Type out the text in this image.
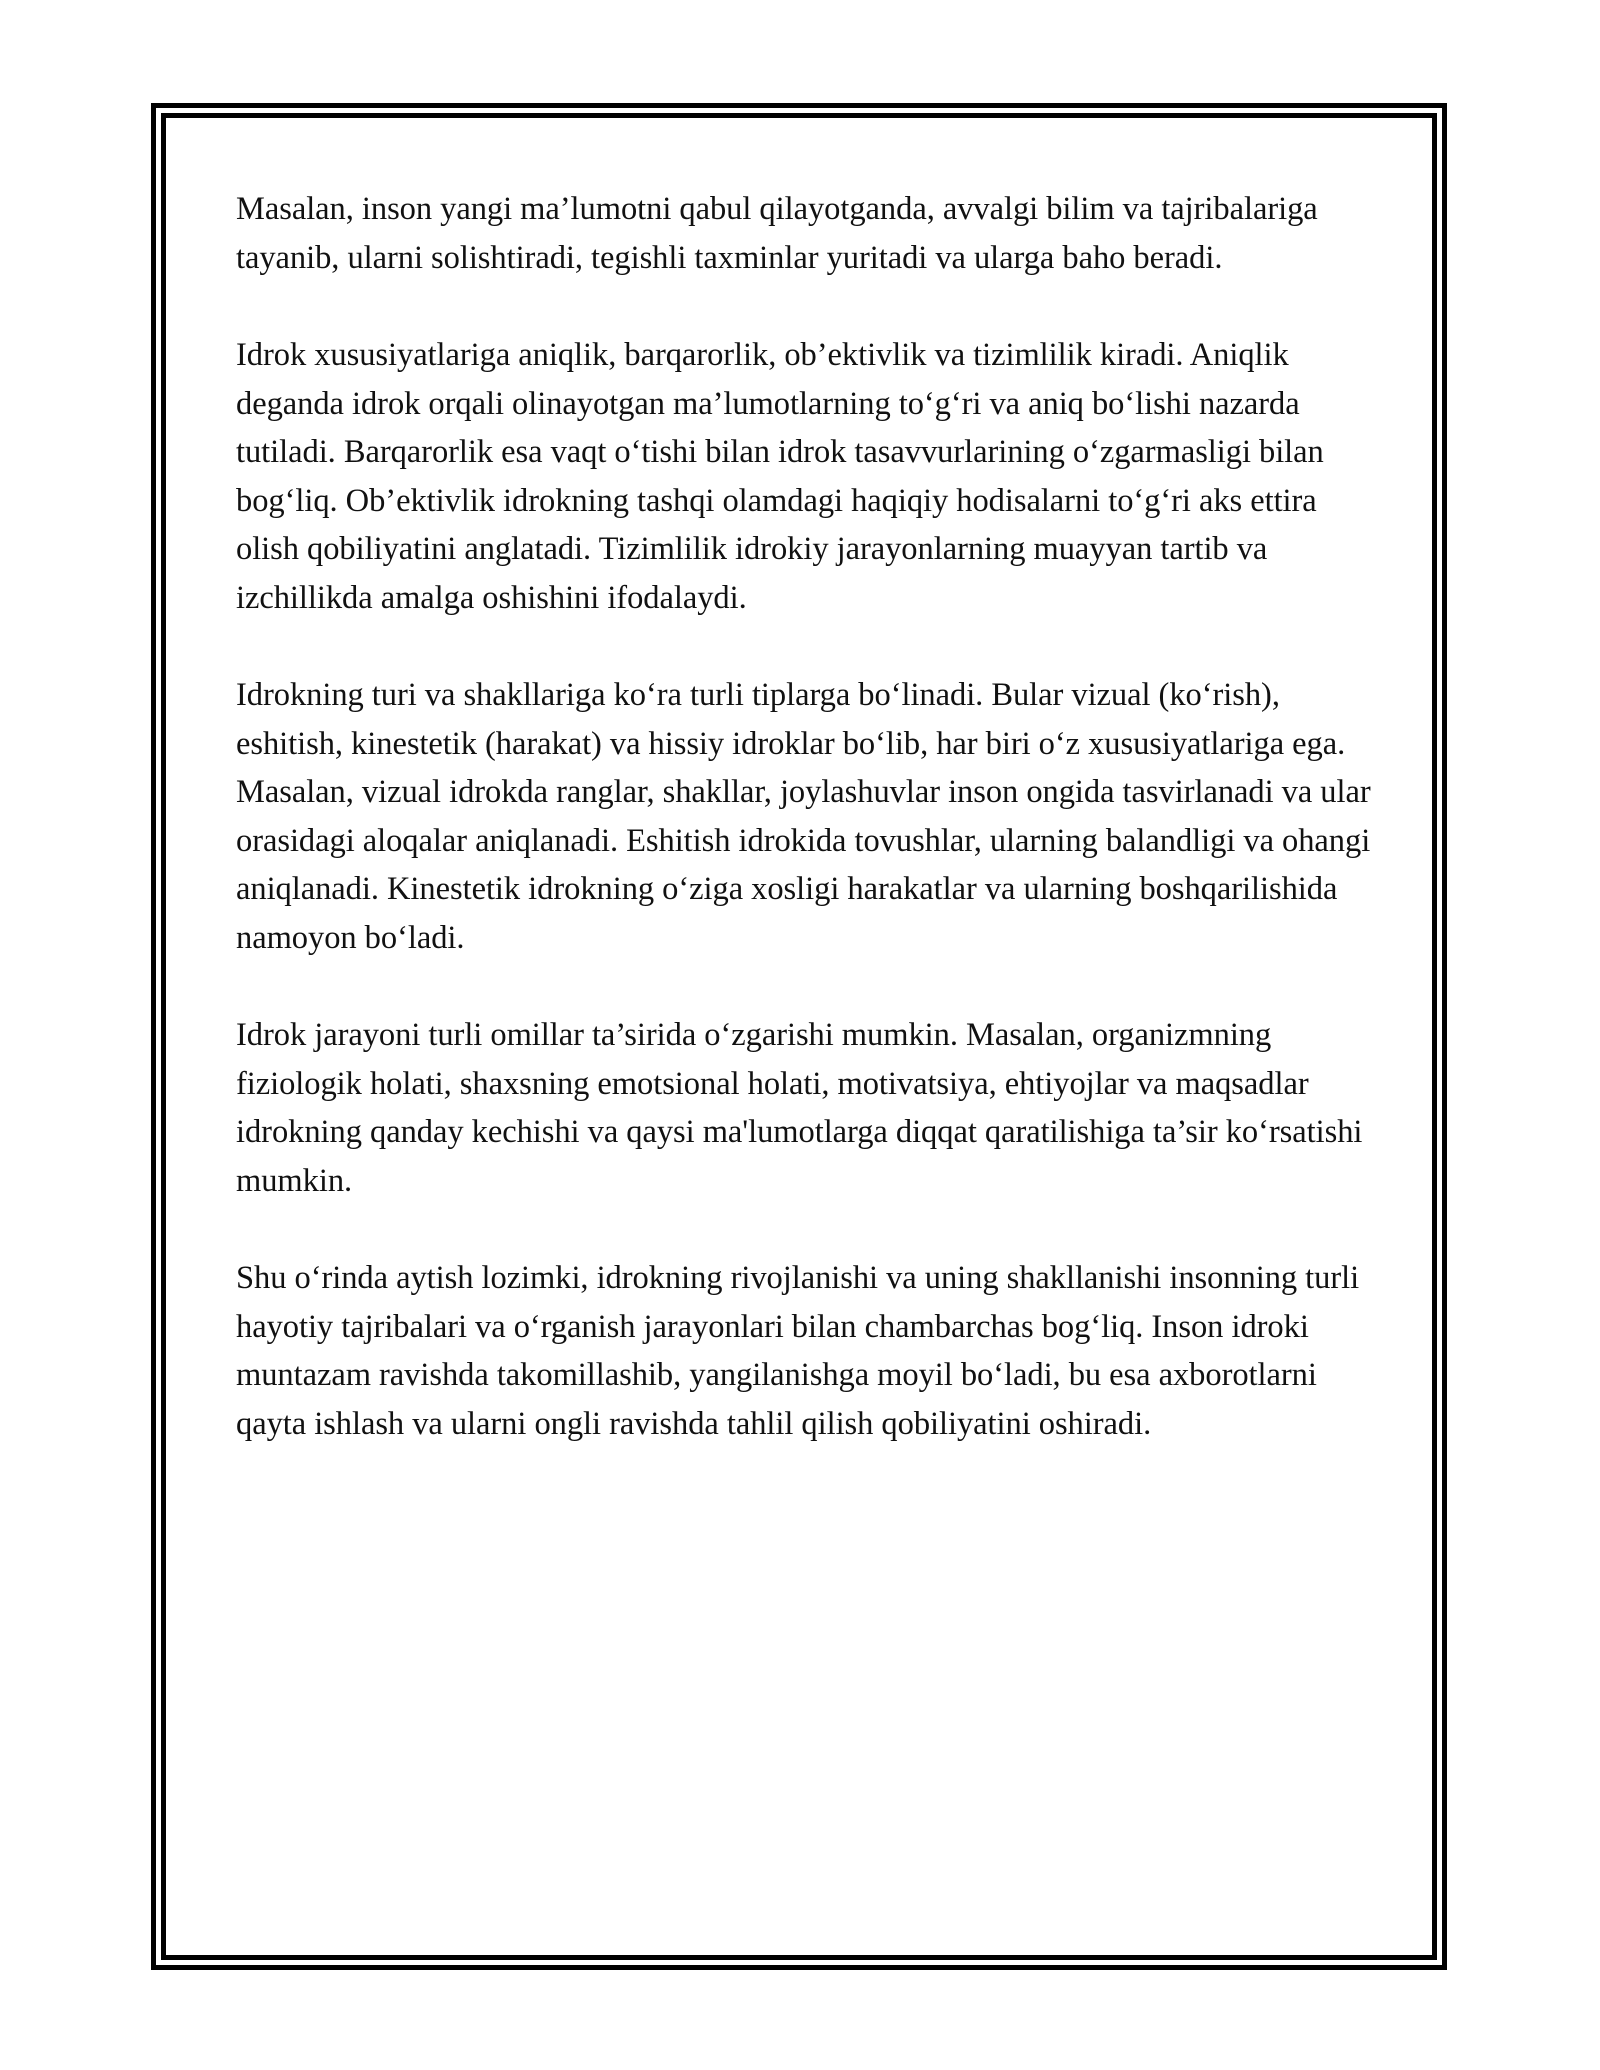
Masalan, inson yangi ma’lumotni qabul qilayotganda, avvalgi bilim va tajribalariga tayanib, ularni solishtiradi, tegishli taxminlar yuritadi va ularga baho beradi.

Idrok xususiyatlariga aniqlik, barqarorlik, ob’ektivlik va tizimlilik kiradi. Aniqlik deganda idrok orqali olinayotgan ma’lumotlarning to‘g‘ri va aniq bo‘lishi nazarda tutiladi. Barqarorlik esa vaqt o‘tishi bilan idrok tasavvurlarining o‘zgarmasligi bilan bog‘liq. Ob’ektivlik idrokning tashqi olamdagi haqiqiy hodisalarni to‘g‘ri aks ettira olish qobiliyatini anglatadi. Tizimlilik idrokiy jarayonlarning muayyan tartib va izchillikda amalga oshishini ifodalaydi.

Idrokning turi va shakllariga ko‘ra turli tiplarga bo‘linadi. Bular vizual (ko‘rish), eshitish, kinestetik (harakat) va hissiy idroklar bo‘lib, har biri o‘z xususiyatlariga ega. Masalan, vizual idrokda ranglar, shakllar, joylashuvlar inson ongida tasvirlanadi va ular orasidagi aloqalar aniqlanadi. Eshitish idrokida tovushlar, ularning balandligi va ohangi aniqlanadi. Kinestetik idrokning o‘ziga xosligi harakatlar va ularning boshqarilishida namoyon bo‘ladi.

Idrok jarayoni turli omillar ta’sirida o‘zgarishi mumkin. Masalan, organizmning fiziologik holati, shaxsning emotsional holati, motivatsiya, ehtiyojlar va maqsadlar idrokning qanday kechishi va qaysi ma'lumotlarga diqqat qaratilishiga ta’sir ko‘rsatishi mumkin.

Shu o‘rinda aytish lozimki, idrokning rivojlanishi va uning shakllanishi insonning turli hayotiy tajribalari va o‘rganish jarayonlari bilan chambarchas bog‘liq. Inson idroki muntazam ravishda takomillashib, yangilanishga moyil bo‘ladi, bu esa axborotlarni qayta ishlash va ularni ongli ravishda tahlil qilish qobiliyatini oshiradi.
